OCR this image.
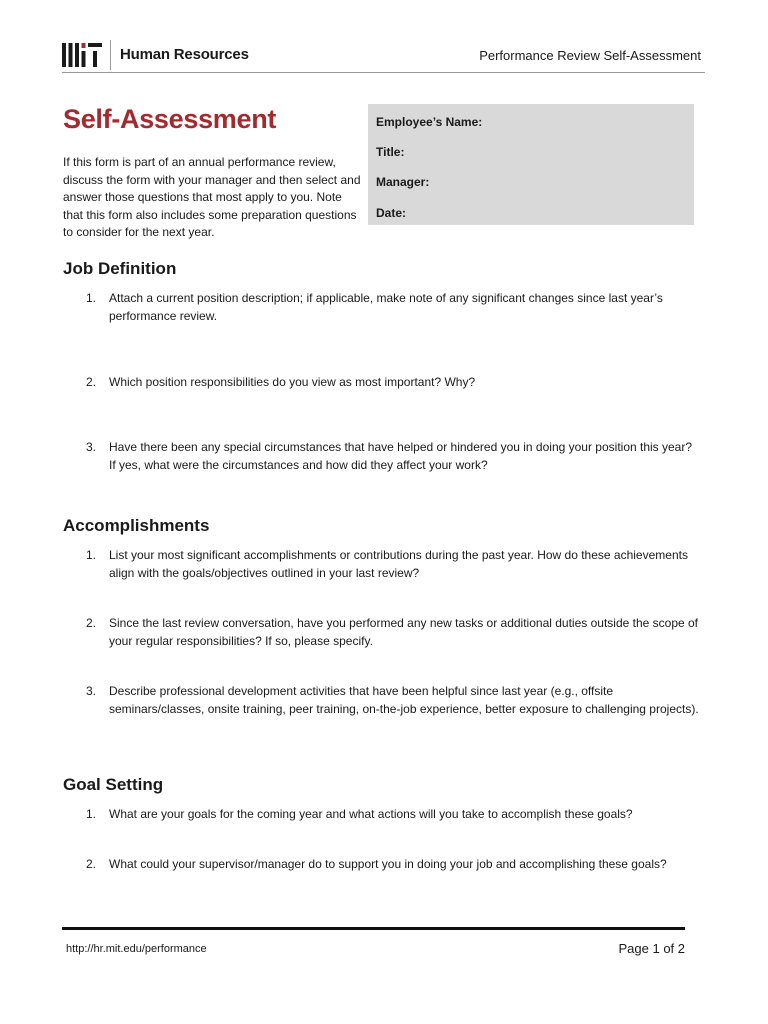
Human Resources	Performance Review Self-Assessment
Self-Assessment
If this form is part of an annual performance review, discuss the form with your manager and then select and answer those questions that most apply to you. Note that this form also includes some preparation questions to consider for the next year.
Employee’s Name:
Title:
Manager:
Date:
Job Definition
1. Attach a current position description; if applicable, make note of any significant changes since last year’s performance review.
2. Which position responsibilities do you view as most important? Why?
3. Have there been any special circumstances that have helped or hindered you in doing your position this year? If yes, what were the circumstances and how did they affect your work?
Accomplishments
1. List your most significant accomplishments or contributions during the past year. How do these achievements align with the goals/objectives outlined in your last review?
2. Since the last review conversation, have you performed any new tasks or additional duties outside the scope of your regular responsibilities? If so, please specify.
3. Describe professional development activities that have been helpful since last year (e.g., offsite seminars/classes, onsite training, peer training, on-the-job experience, better exposure to challenging projects).
Goal Setting
1. What are your goals for the coming year and what actions will you take to accomplish these goals?
2. What could your supervisor/manager do to support you in doing your job and accomplishing these goals?
http://hr.mit.edu/performance	Page 1 of 2
